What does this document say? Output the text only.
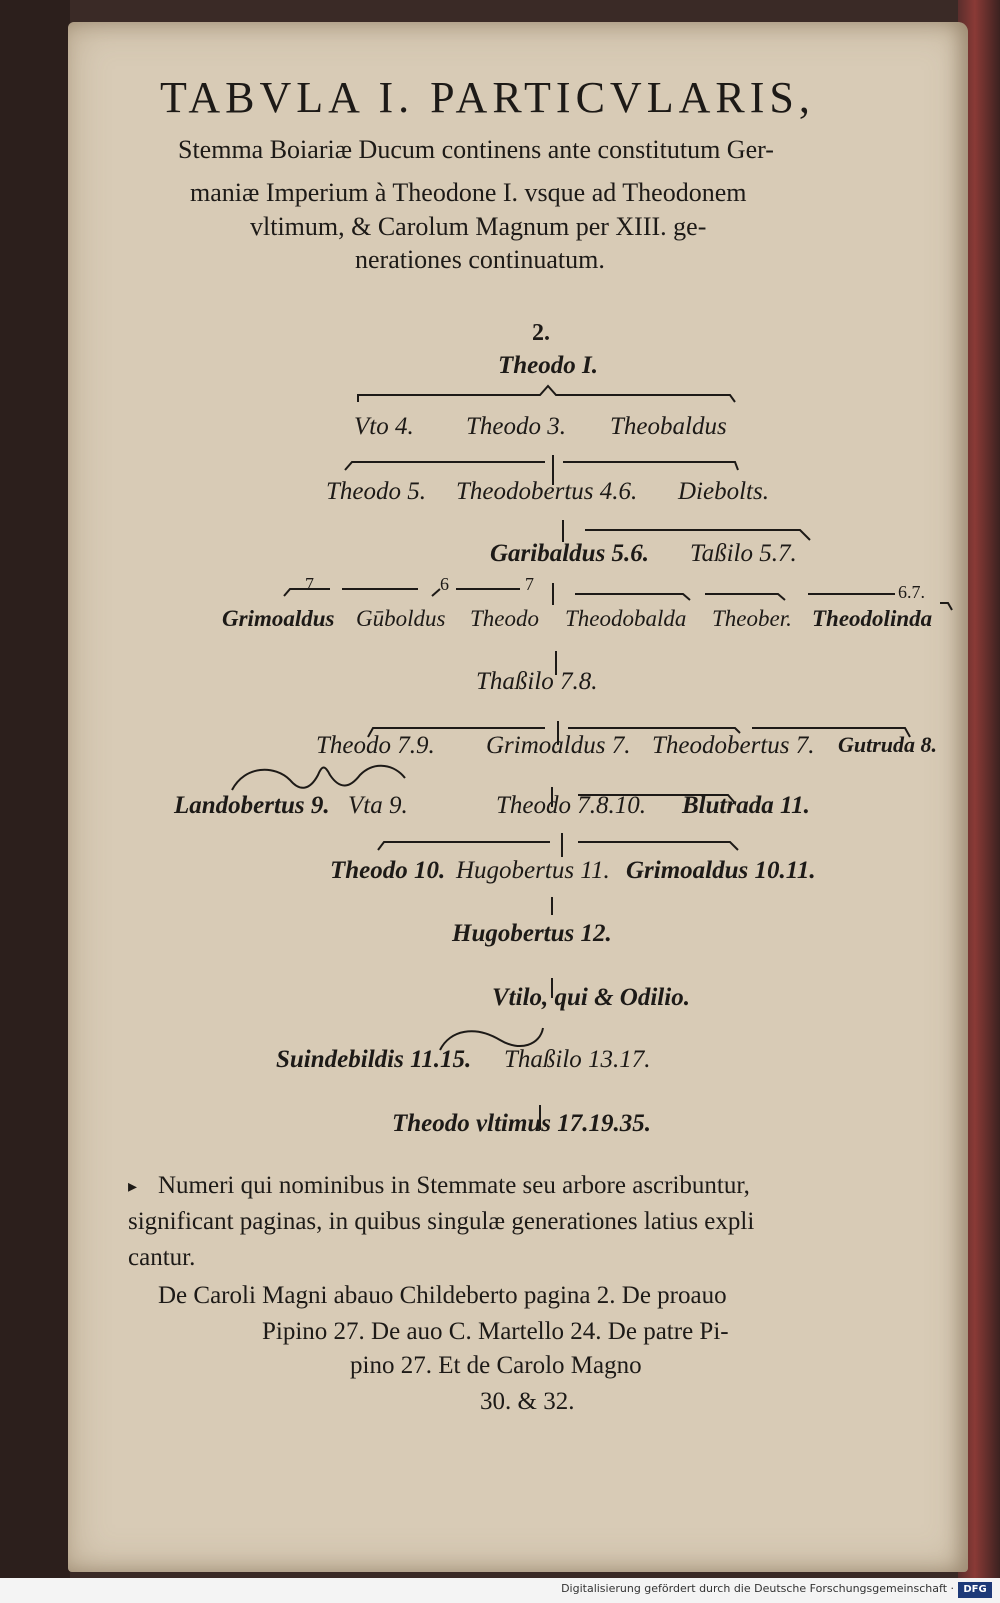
TABVLA I. PARTICVLARIS,
Stemma Boiariæ Ducum continens ante constitutum Ger-
maniæ Imperium à Theodone I. vsque ad Theodonem
vltimum, & Carolum Magnum per XIII. ge-
nerationes continuatum.
2.
Theodo I.
Vto 4. Theodo 3. Theobaldus
Theodo 5. Theodobertus 4.6. Diebolts.
Garibaldus 5.6. Taßilo 5.7.
7	6	7	6.7.
Grimoaldus Gūboldus Theodo Theodobalda Theober. Theodolinda
Thaßilo 7.8.
Theodo 7.9. Grimoaldus 7. Theodobertus 7. Gutruda 8.
Landobertus 9. Vta 9.	Theodo 7.8.10. Blutrada 11.
Theodo 10. Hugobertus 11. Grimoaldus 10.11.
Hugobertus 12.
Vtilo, qui & Odilio.
Suindebildis 11.15. Thaßilo 13.17.
Theodo vltimus 17.19.35.
▸ Numeri qui nominibus in Stemmate seu arbore ascribuntur,
significant paginas, in quibus singulæ generationes latius expli
cantur.
De Caroli Magni abauo Childeberto pagina 2. De proauo
Pipino 27. De auo C. Martello 24. De patre Pi-
pino 27. Et de Carolo Magno
30. & 32.
Digitalisierung gefördert durch die Deutsche Forschungsgemeinschaft · DFG
